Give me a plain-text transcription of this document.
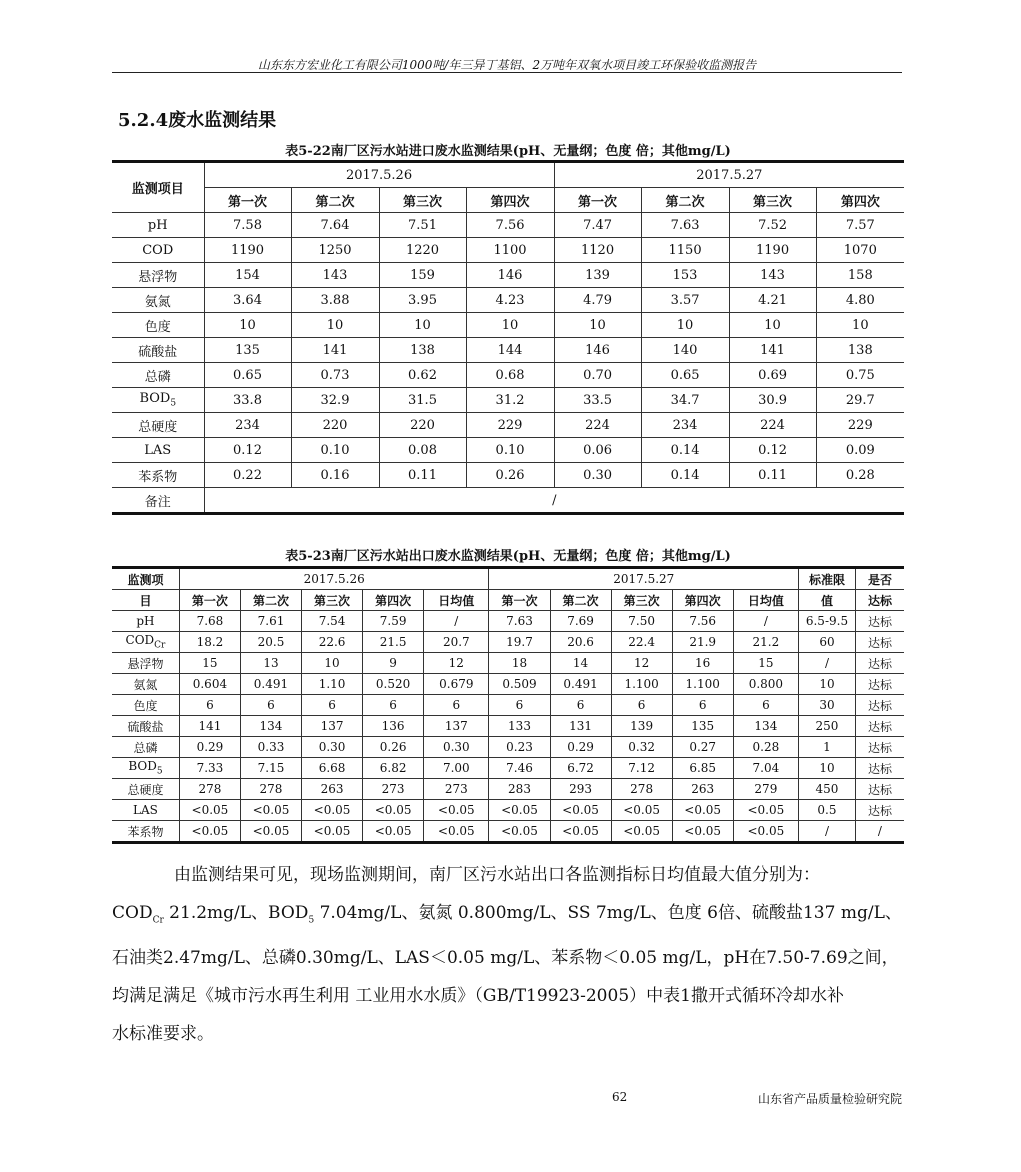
山东东方宏业化工有限公司1000吨/年三异丁基铝、2万吨年双氧水项目竣工环保验收监测报告
5.2.4废水监测结果
表5-22南厂区污水站进口废水监测结果(pH、无量纲；色度 倍；其他mg/L)
监测项目	2017.5.26				2017.5.27			
	第一次	第二次	第三次	第四次	第一次	第二次	第三次	第四次
pH	7.58	7.64	7.51	7.56	7.47	7.63	7.52	7.57
COD	1190	1250	1220	1100	1120	1150	1190	1070
悬浮物	154	143	159	146	139	153	143	158
氨氮	3.64	3.88	3.95	4.23	4.79	3.57	4.21	4.80
色度	10	10	10	10	10	10	10	10
硫酸盐	135	141	138	144	146	140	141	138
总磷	0.65	0.73	0.62	0.68	0.70	0.65	0.69	0.75
$BOD_5$	33.8	32.9	31.5	31.2	33.5	34.7	30.9	29.7
总硬度	234	220	220	229	224	234	224	229
LAS	0.12	0.10	0.08	0.10	0.06	0.14	0.12	0.09
苯系物	0.22	0.16	0.11	0.26	0.30	0.14	0.11	0.28
备注	/							
表5-23南厂区污水站出口废水监测结果(pH、无量纲；色度 倍；其他mg/L)
监测项	2017.5.26					2017.5.27					标准限	是否
目	第一次	第二次	第三次	第四次	日均值	第一次	第二次	第三次	第四次	日均值	值	达标
pH	7.68	7.61	7.54	7.59	/	7.63	7.69	7.50	7.56	/	6.5-9.5	达标
$COD_{Cr}$	18.2	20.5	22.6	21.5	20.7	19.7	20.6	22.4	21.9	21.2	60	达标
悬浮物	15	13	10	9	12	18	14	12	16	15	/	达标
氨氮	0.604	0.491	1.10	0.520	0.679	0.509	0.491	1.100	1.100	0.800	10	达标
色度	6	6	6	6	6	6	6	6	6	6	30	达标
硫酸盐	141	134	137	136	137	133	131	139	135	134	250	达标
总磷	0.29	0.33	0.30	0.26	0.30	0.23	0.29	0.32	0.27	0.28	1	达标
$BOD_5$	7.33	7.15	6.68	6.82	7.00	7.46	6.72	7.12	6.85	7.04	10	达标
总硬度	278	278	263	273	273	283	293	278	263	279	450	达标
LAS	<0.05	<0.05	<0.05	<0.05	<0.05	<0.05	<0.05	<0.05	<0.05	<0.05	0.5	达标
苯系物	<0.05	<0.05	<0.05	<0.05	<0.05	<0.05	<0.05	<0.05	<0.05	<0.05	/	/
由监测结果可见，现场监测期间，南厂区污水站出口各监测指标日均值最大值分别为：
$COD_{Cr}$ 21.2mg/L、$BOD_5$ 7.04mg/L、氨氮 0.800mg/L、SS 7mg/L、色度 6倍、硫酸盐137 mg/L、
石油类2.47mg/L、总磷0.30mg/L、LAS＜0.05 mg/L、苯系物＜0.05 mg/L，pH在7.50-7.69之间，
均满足满足《城市污水再生利用 工业用水水质》（GB/T19923-2005）中表1撒开式循环冷却水补
水标准要求。
62	山东省产品质量检验研究院
